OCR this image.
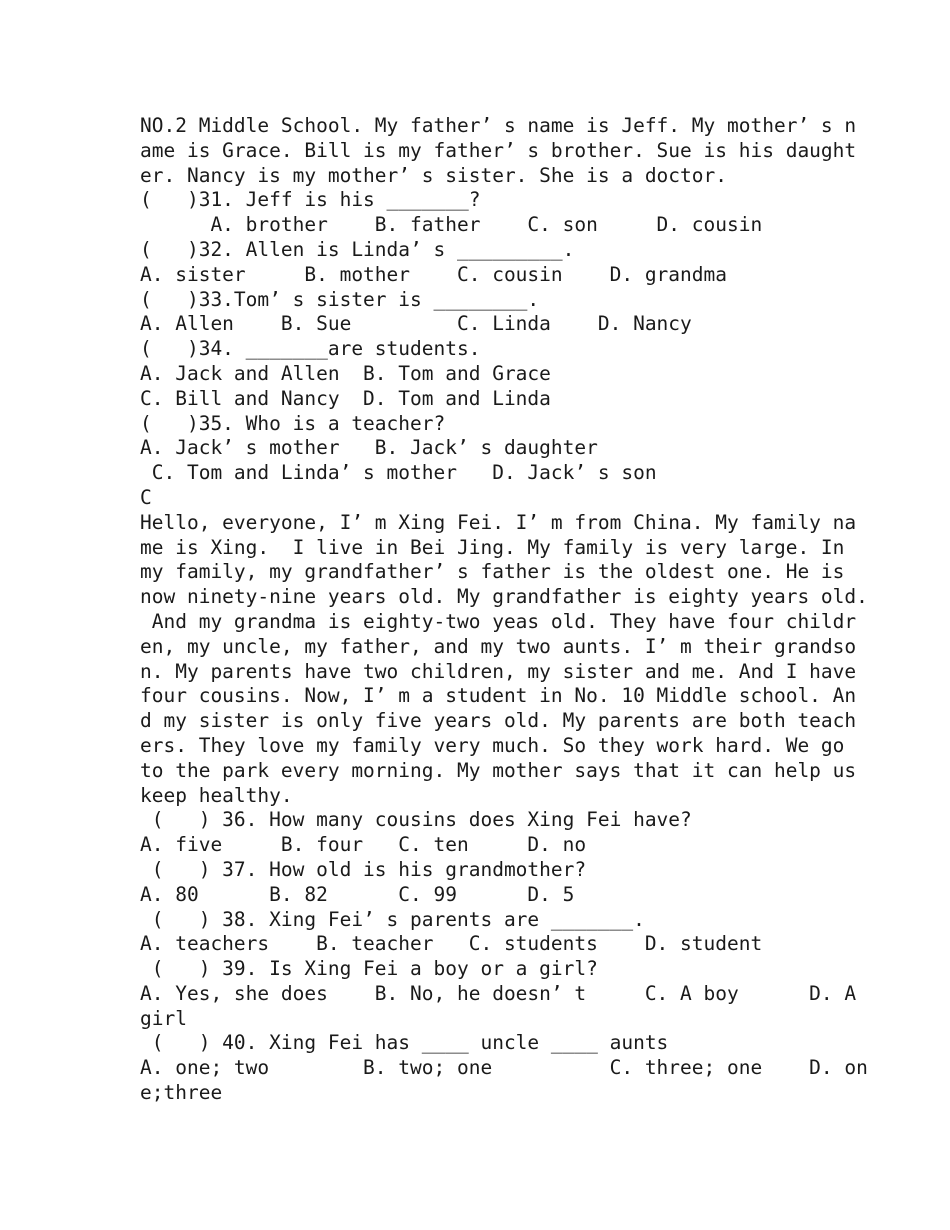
NO.2 Middle School. My father’ s name is Jeff. My mother’ s n
ame is Grace. Bill is my father’ s brother. Sue is his daught
er. Nancy is my mother’ s sister. She is a doctor.
(   )31. Jeff is his _______?
A. brother    B. father    C. son     D. cousin
(   )32. Allen is Linda’ s _________.
A. sister     B. mother    C. cousin    D. grandma
(   )33.Tom’ s sister is ________.
A. Allen    B. Sue         C. Linda    D. Nancy
(   )34. _______are students.
A. Jack and Allen  B. Tom and Grace
C. Bill and Nancy  D. Tom and Linda
(   )35. Who is a teacher?
A. Jack’ s mother   B. Jack’ s daughter
C. Tom and Linda’ s mother   D. Jack’ s son
C
Hello, everyone, I’ m Xing Fei. I’ m from China. My family na
me is Xing.  I live in Bei Jing. My family is very large. In
my family, my grandfather’ s father is the oldest one. He is
now ninety-nine years old. My grandfather is eighty years old.
And my grandma is eighty-two yeas old. They have four childr
en, my uncle, my father, and my two aunts. I’ m their grandso
n. My parents have two children, my sister and me. And I have
four cousins. Now, I’ m a student in No. 10 Middle school. An
d my sister is only five years old. My parents are both teach
ers. They love my family very much. So they work hard. We go
to the park every morning. My mother says that it can help us
keep healthy.
(   ) 36. How many cousins does Xing Fei have?
A. five     B. four   C. ten     D. no
(   ) 37. How old is his grandmother?
A. 80      B. 82      C. 99      D. 5
(   ) 38. Xing Fei’ s parents are _______.
A. teachers    B. teacher   C. students    D. student
(   ) 39. Is Xing Fei a boy or a girl?
A. Yes, she does    B. No, he doesn’ t     C. A boy      D. A
girl
(   ) 40. Xing Fei has ____ uncle ____ aunts
A. one; two        B. two; one          C. three; one    D. on
e;three
